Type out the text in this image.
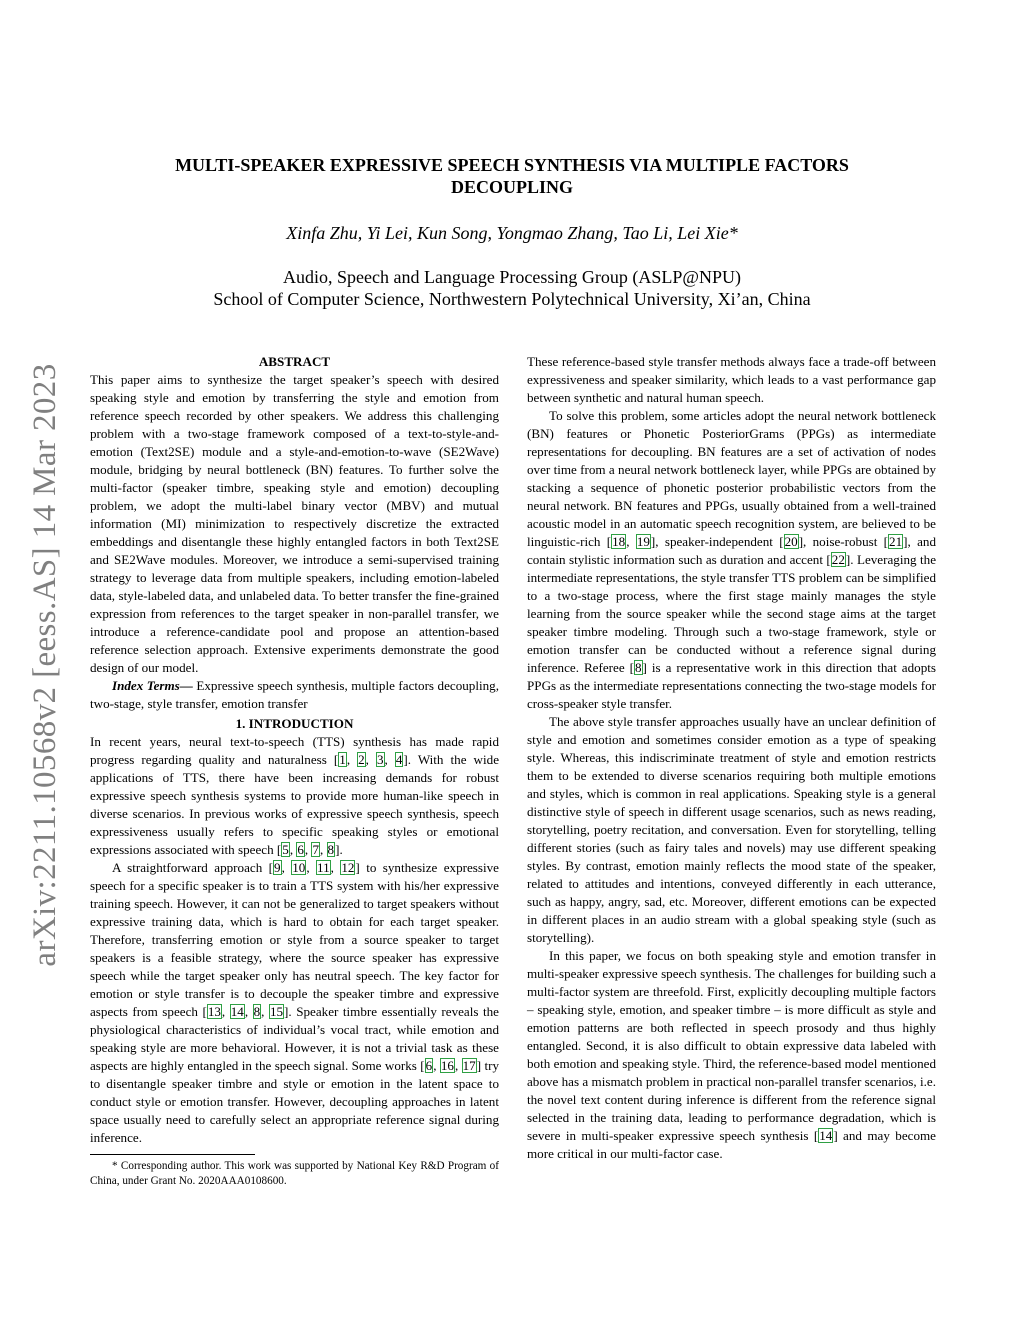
arXiv:2211.10568v2 [eess.AS] 14 Mar 2023
MULTI-SPEAKER EXPRESSIVE SPEECH SYNTHESIS VIA MULTIPLE FACTORS DECOUPLING
Xinfa Zhu, Yi Lei, Kun Song, Yongmao Zhang, Tao Li, Lei Xie*
Audio, Speech and Language Processing Group (ASLP@NPU)
School of Computer Science, Northwestern Polytechnical University, Xi’an, China

ABSTRACT

This paper aims to synthesize the target speaker’s speech with desired speaking style and emotion by transferring the style and emotion from reference speech recorded by other speakers. We address this challenging problem with a two-stage framework composed of a text-to-style-and-emotion (Text2SE) module and a style-and-emotion-to-wave (SE2Wave) module, bridging by neural bottleneck (BN) features. To further solve the multi-factor (speaker timbre, speaking style and emotion) decoupling problem, we adopt the multi-label binary vector (MBV) and mutual information (MI) minimization to respectively discretize the extracted embeddings and disentangle these highly entangled factors in both Text2SE and SE2Wave modules. Moreover, we introduce a semi-supervised training strategy to leverage data from multiple speakers, including emotion-labeled data, style-labeled data, and unlabeled data. To better transfer the fine-grained expression from references to the target speaker in non-parallel transfer, we introduce a reference-candidate pool and propose an attention-based reference selection approach. Extensive experiments demonstrate the good design of our model.

Index Terms— Expressive speech synthesis, multiple factors decoupling, two-stage, style transfer, emotion transfer

1. INTRODUCTION

In recent years, neural text-to-speech (TTS) synthesis has made rapid progress regarding quality and naturalness [1, 2, 3, 4]. With the wide applications of TTS, there have been increasing demands for robust expressive speech synthesis systems to provide more human-like speech in diverse scenarios. In previous works of expressive speech synthesis, speech expressiveness usually refers to specific speaking styles or emotional expressions associated with speech [5, 6, 7, 8].

A straightforward approach [9, 10, 11, 12] to synthesize expressive speech for a specific speaker is to train a TTS system with his/her expressive training speech. However, it can not be generalized to target speakers without expressive training data, which is hard to obtain for each target speaker. Therefore, transferring emotion or style from a source speaker to target speakers is a feasible strategy, where the source speaker has expressive speech while the target speaker only has neutral speech. The key factor for emotion or style transfer is to decouple the speaker timbre and expressive aspects from speech [13, 14, 8, 15]. Speaker timbre essentially reveals the physiological characteristics of individual’s vocal tract, while emotion and speaking style are more behavioral. However, it is not a trivial task as these aspects are highly entangled in the speech signal. Some works [6, 16, 17] try to disentangle speaker timbre and style or emotion in the latent space to conduct style or emotion transfer. However, decoupling approaches in latent space usually need to carefully select an appropriate reference signal during inference.

* Corresponding author. This work was supported by National Key R&D Program of China, under Grant No. 2020AAA0108600.

These reference-based style transfer methods always face a trade-off between expressiveness and speaker similarity, which leads to a vast performance gap between synthetic and natural human speech.

To solve this problem, some articles adopt the neural network bottleneck (BN) features or Phonetic PosteriorGrams (PPGs) as intermediate representations for decoupling. BN features are a set of activation of nodes over time from a neural network bottleneck layer, while PPGs are obtained by stacking a sequence of phonetic posterior probabilistic vectors from the neural network. BN features and PPGs, usually obtained from a well-trained acoustic model in an automatic speech recognition system, are believed to be linguistic-rich [18, 19], speaker-independent [20], noise-robust [21], and contain stylistic information such as duration and accent [22]. Leveraging the intermediate representations, the style transfer TTS problem can be simplified to a two-stage process, where the first stage mainly manages the style learning from the source speaker while the second stage aims at the target speaker timbre modeling. Through such a two-stage framework, style or emotion transfer can be conducted without a reference signal during inference. Referee [8] is a representative work in this direction that adopts PPGs as the intermediate representations connecting the two-stage models for cross-speaker style transfer.

The above style transfer approaches usually have an unclear definition of style and emotion and sometimes consider emotion as a type of speaking style. Whereas, this indiscriminate treatment of style and emotion restricts them to be extended to diverse scenarios requiring both multiple emotions and styles, which is common in real applications. Speaking style is a general distinctive style of speech in different usage scenarios, such as news reading, storytelling, poetry recitation, and conversation. Even for storytelling, telling different stories (such as fairy tales and novels) may use different speaking styles. By contrast, emotion mainly reflects the mood state of the speaker, related to attitudes and intentions, conveyed differently in each utterance, such as happy, angry, sad, etc. Moreover, different emotions can be expected in different places in an audio stream with a global speaking style (such as storytelling).

In this paper, we focus on both speaking style and emotion transfer in multi-speaker expressive speech synthesis. The challenges for building such a multi-factor system are threefold. First, explicitly decoupling multiple factors – speaking style, emotion, and speaker timbre – is more difficult as style and emotion patterns are both reflected in speech prosody and thus highly entangled. Second, it is also difficult to obtain expressive data labeled with both emotion and speaking style. Third, the reference-based model mentioned above has a mismatch problem in practical non-parallel transfer scenarios, i.e. the novel text content during inference is different from the reference signal selected in the training data, leading to performance degradation, which is severe in multi-speaker expressive speech synthesis [14] and may become more critical in our multi-factor case.
